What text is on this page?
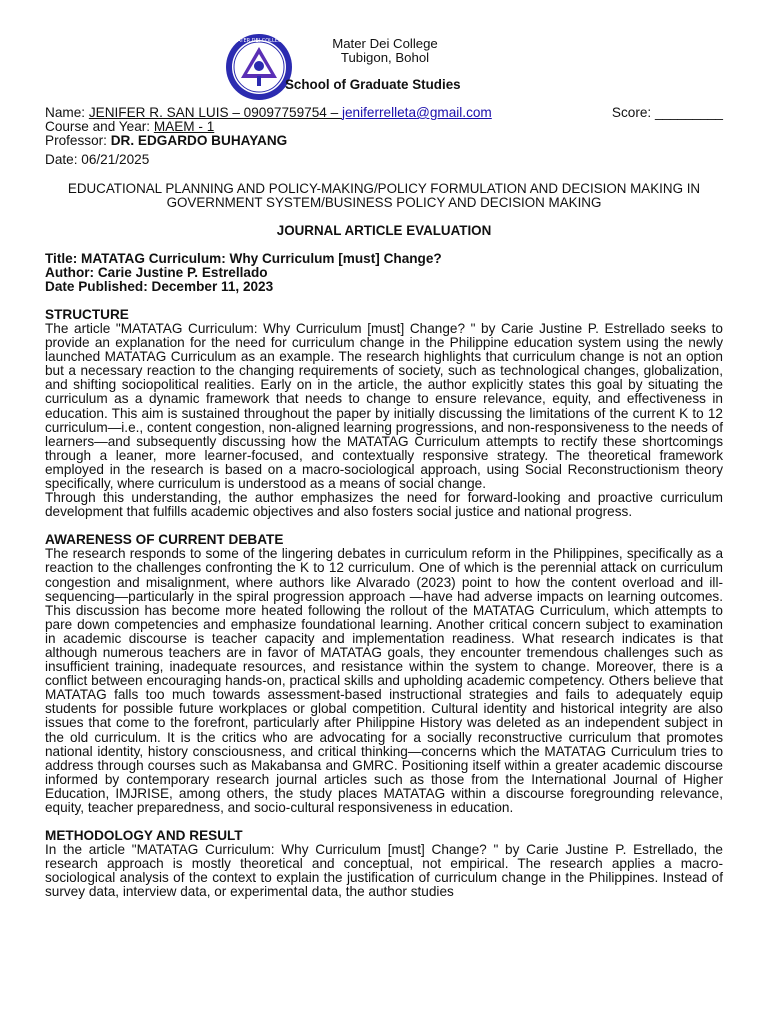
MATER DEI COLLEGE	Mater Dei College
Tubigon, Bohol
School of Graduate Studies
Name: JENIFER R. SAN LUIS – 09097759754 – jeniferrelleta@gmail.com	Score: _________
Course and Year: MAEM - 1
Professor: DR. EDGARDO BUHAYANG
Date: 06/21/2025
EDUCATIONAL PLANNING AND POLICY-MAKING/POLICY FORMULATION AND DECISION MAKING IN GOVERNMENT SYSTEM/BUSINESS POLICY AND DECISION MAKING
JOURNAL ARTICLE EVALUATION
Title: MATATAG Curriculum: Why Curriculum [must] Change?
Author: Carie Justine P. Estrellado
Date Published: December 11, 2023
STRUCTURE

The article "MATATAG Curriculum: Why Curriculum [must] Change? " by Carie Justine P. Estrellado seeks to provide an explanation for the need for curriculum change in the Philippine education system using the newly launched MATATAG Curriculum as an example. The research highlights that curriculum change is not an option but a necessary reaction to the changing requirements of society, such as technological changes, globalization, and shifting sociopolitical realities. Early on in the article, the author explicitly states this goal by situating the curriculum as a dynamic framework that needs to change to ensure relevance, equity, and effectiveness in education. This aim is sustained throughout the paper by initially discussing the limitations of the current K to 12 curriculum—i.e., content congestion, non-aligned learning progressions, and non-responsiveness to the needs of learners—and subsequently discussing how the MATATAG Curriculum attempts to rectify these shortcomings through a leaner, more learner-focused, and contextually responsive strategy. The theoretical framework employed in the research is based on a macro-sociological approach, using Social Reconstructionism theory specifically, where curriculum is understood as a means of social change.

Through this understanding, the author emphasizes the need for forward-looking and proactive curriculum development that fulfills academic objectives and also fosters social justice and national progress.

AWARENESS OF CURRENT DEBATE

The research responds to some of the lingering debates in curriculum reform in the Philippines, specifically as a reaction to the challenges confronting the K to 12 curriculum. One of which is the perennial attack on curriculum congestion and misalignment, where authors like Alvarado (2023) point to how the content overload and ill-sequencing—particularly in the spiral progression approach —have had adverse impacts on learning outcomes. This discussion has become more heated following the rollout of the MATATAG Curriculum, which attempts to pare down competencies and emphasize foundational learning. Another critical concern subject to examination in academic discourse is teacher capacity and implementation readiness. What research indicates is that although numerous teachers are in favor of MATATAG goals, they encounter tremendous challenges such as insufficient training, inadequate resources, and resistance within the system to change. Moreover, there is a conflict between encouraging hands-on, practical skills and upholding academic competency. Others believe that MATATAG falls too much towards assessment-based instructional strategies and fails to adequately equip students for possible future workplaces or global competition. Cultural identity and historical integrity are also issues that come to the forefront, particularly after Philippine History was deleted as an independent subject in the old curriculum. It is the critics who are advocating for a socially reconstructive curriculum that promotes national identity, history consciousness, and critical thinking—concerns which the MATATAG Curriculum tries to address through courses such as Makabansa and GMRC. Positioning itself within a greater academic discourse informed by contemporary research journal articles such as those from the International Journal of Higher Education, IMJRISE, among others, the study places MATATAG within a discourse foregrounding relevance, equity, teacher preparedness, and socio-cultural responsiveness in education.

METHODOLOGY AND RESULT

In the article "MATATAG Curriculum: Why Curriculum [must] Change? " by Carie Justine P. Estrellado, the research approach is mostly theoretical and conceptual, not empirical. The research applies a macro-sociological analysis of the context to explain the justification of curriculum change in the Philippines. Instead of survey data, interview data, or experimental data, the author studies
